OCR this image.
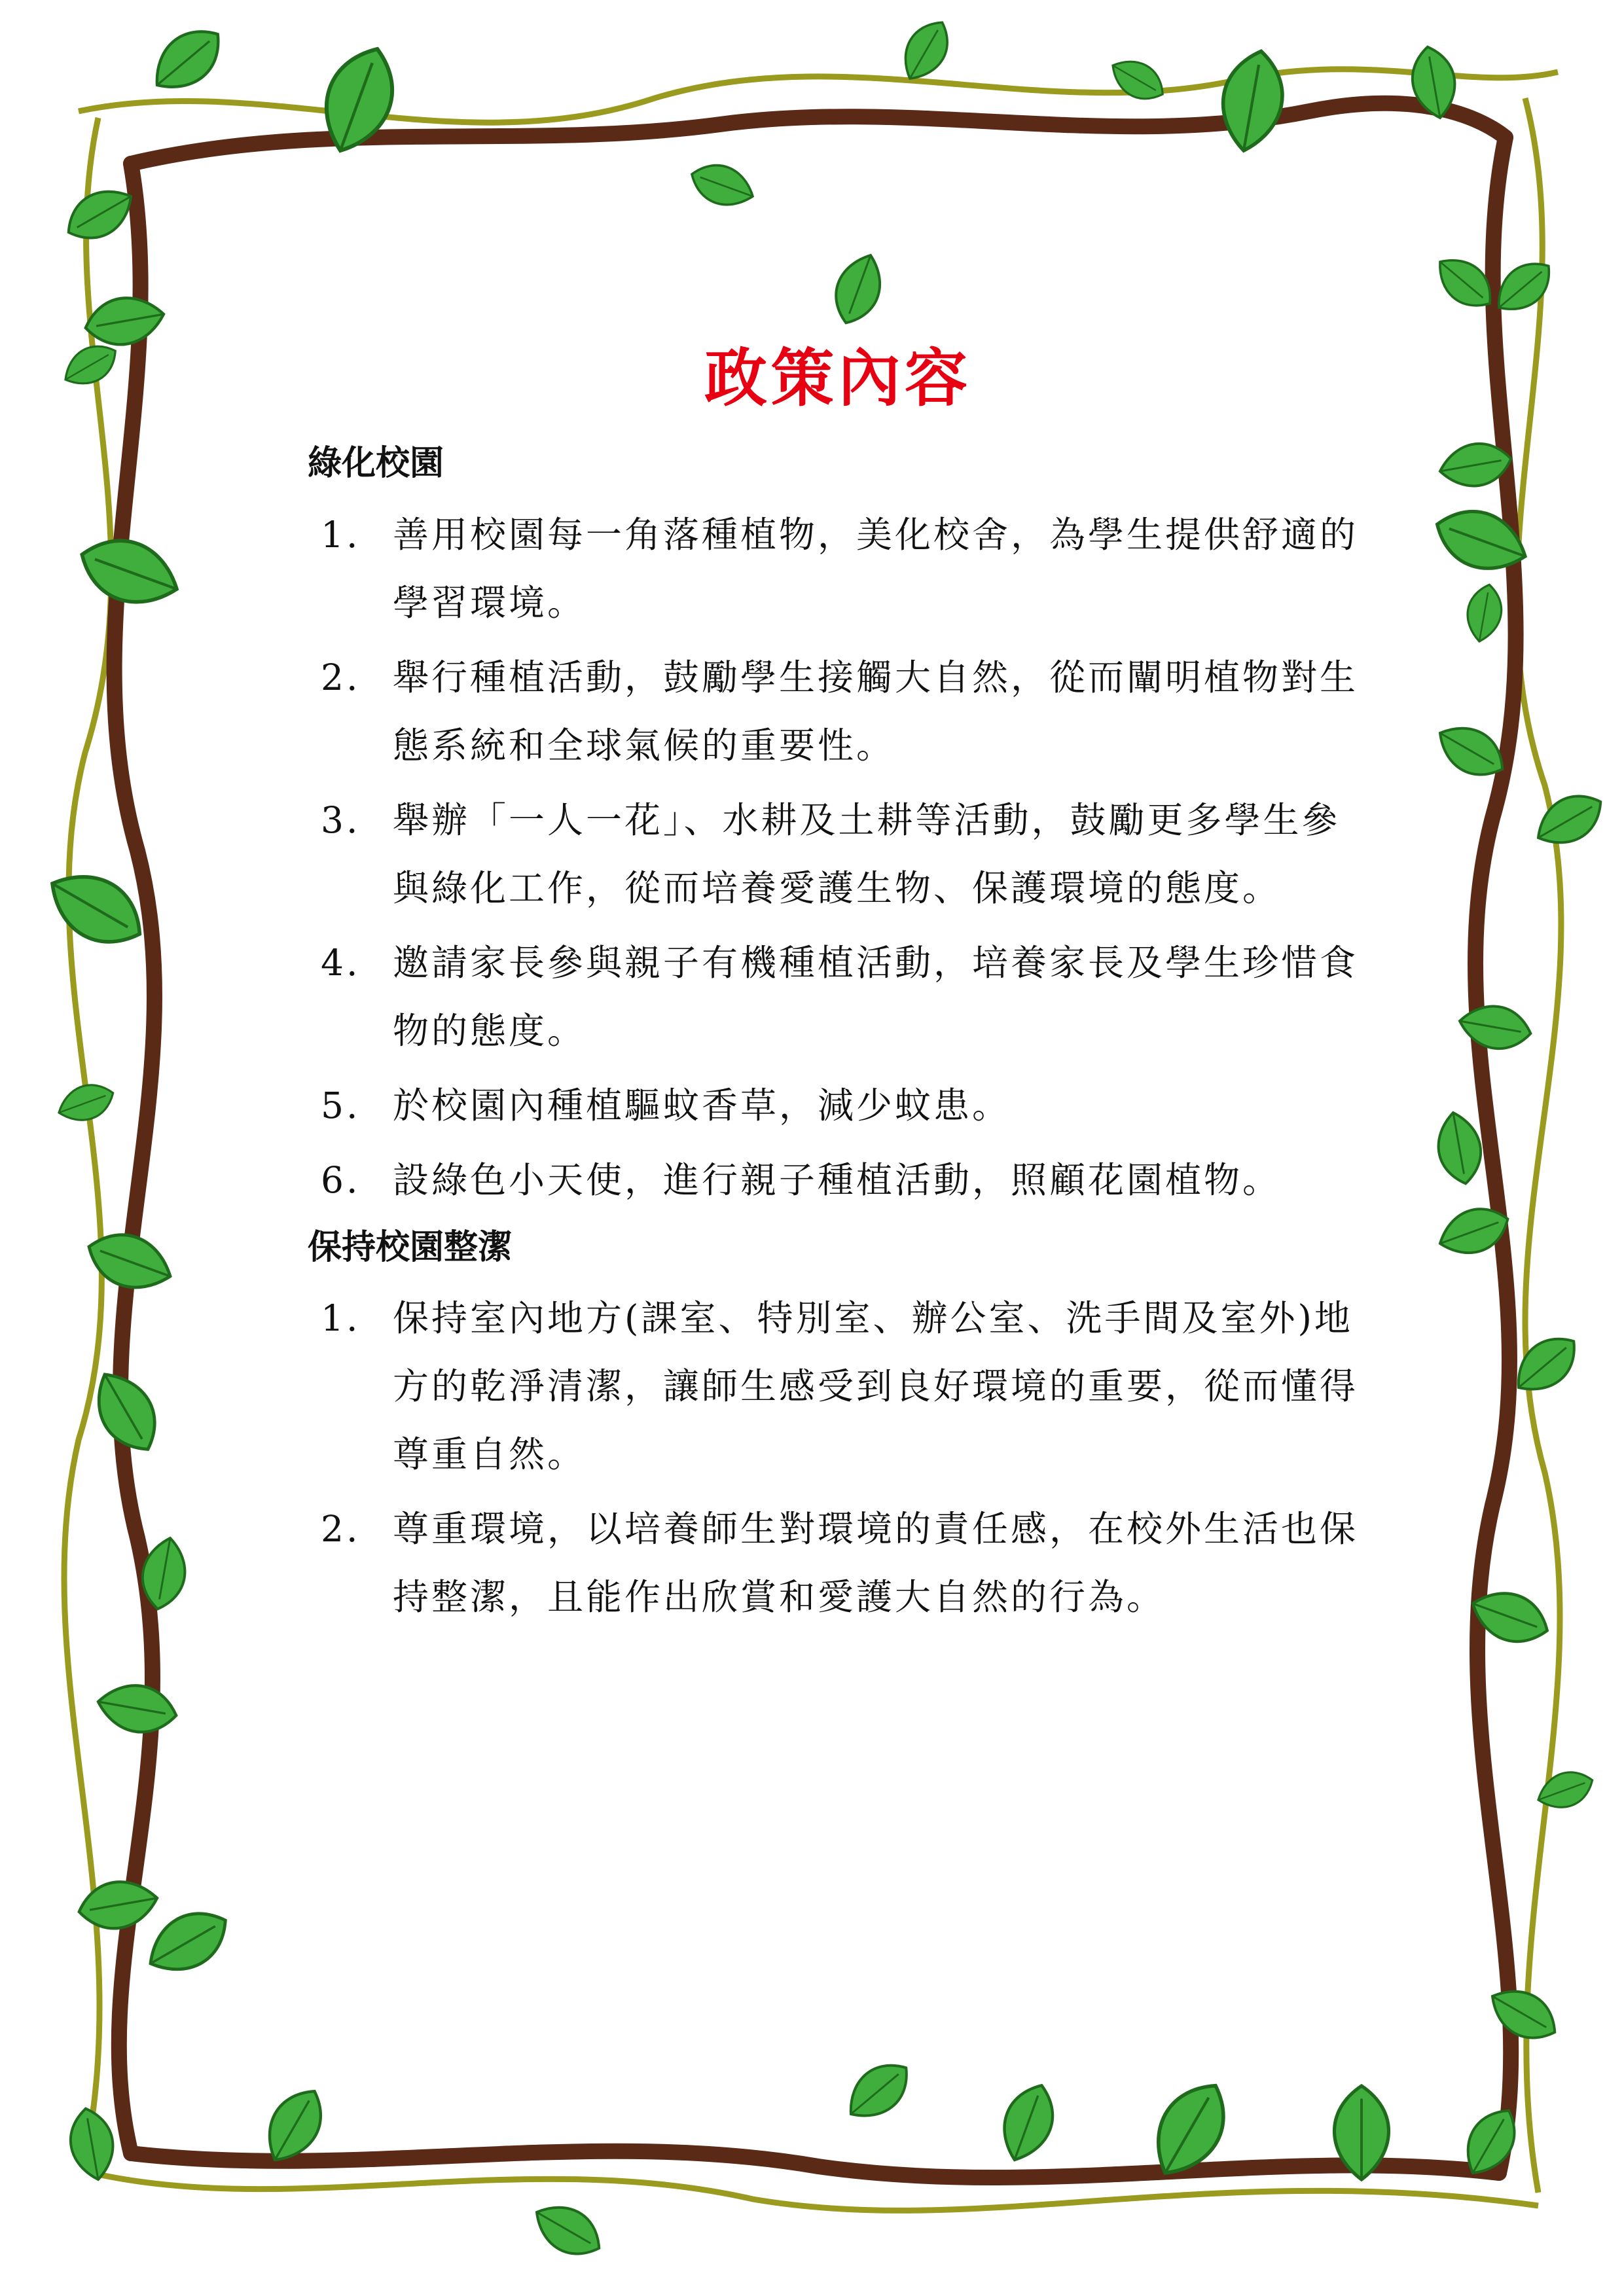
政策內容
綠化校園
1. 善用校園每一角落種植物，美化校舍，為學生提供舒適的學習環境。
2. 舉行種植活動，鼓勵學生接觸大自然，從而闡明植物對生態系統和全球氣候的重要性。
3. 舉辦「一人一花」、水耕及土耕等活動，鼓勵更多學生參與綠化工作，從而培養愛護生物、保護環境的態度。
4. 邀請家長參與親子有機種植活動，培養家長及學生珍惜食物的態度。
5. 於校園內種植驅蚊香草，減少蚊患。
6. 設綠色小天使，進行親子種植活動，照顧花園植物。
保持校園整潔
1. 保持室內地方(課室、特別室、辦公室、洗手間及室外)地方的乾淨清潔，讓師生感受到良好環境的重要，從而懂得尊重自然。
2. 尊重環境，以培養師生對環境的責任感，在校外生活也保持整潔，且能作出欣賞和愛護大自然的行為。
